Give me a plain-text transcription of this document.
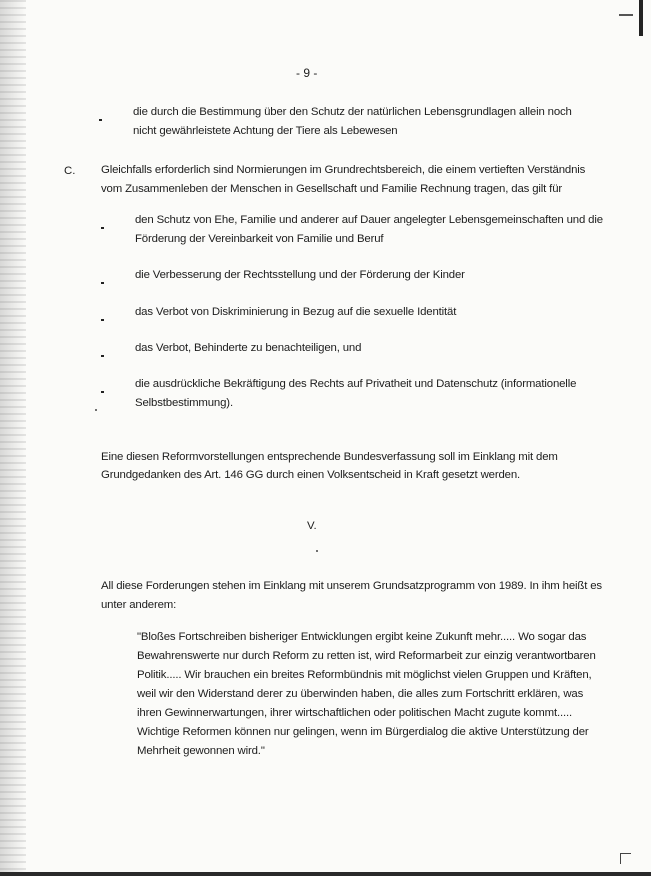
- 9 -
die durch die Bestimmung über den Schutz der natürlichen Lebensgrundlagen allein noch
nicht gewährleistete Achtung der Tiere als Lebewesen
C. Gleichfalls erforderlich sind Normierungen im Grundrechtsbereich, die einem vertieften Verständnis
vom Zusammenleben der Menschen in Gesellschaft und Familie Rechnung tragen, das gilt für
den Schutz von Ehe, Familie und anderer auf Dauer angelegter Lebensgemeinschaften und die
Förderung der Vereinbarkeit von Familie und Beruf
die Verbesserung der Rechtsstellung und der Förderung der Kinder
das Verbot von Diskriminierung in Bezug auf die sexuelle Identität
das Verbot, Behinderte zu benachteiligen, und
die ausdrückliche Bekräftigung des Rechts auf Privatheit und Datenschutz (informationelle
Selbstbestimmung).
Eine diesen Reformvorstellungen entsprechende Bundesverfassung soll im Einklang mit dem
Grundgedanken des Art. 146 GG durch einen Volksentscheid in Kraft gesetzt werden.
V.
All diese Forderungen stehen im Einklang mit unserem Grundsatzprogramm von 1989. In ihm heißt es
unter anderem:
"Bloßes Fortschreiben bisheriger Entwicklungen ergibt keine Zukunft mehr..... Wo sogar das
Bewahrenswerte nur durch Reform zu retten ist, wird Reformarbeit zur einzig verantwortbaren
Politik..... Wir brauchen ein breites Reformbündnis mit möglichst vielen Gruppen und Kräften,
weil wir den Widerstand derer zu überwinden haben, die alles zum Fortschritt erklären, was
ihren Gewinnerwartungen, ihrer wirtschaftlichen oder politischen Macht zugute kommt.....
Wichtige Reformen können nur gelingen, wenn im Bürgerdialog die aktive Unterstützung der
Mehrheit gewonnen wird."
